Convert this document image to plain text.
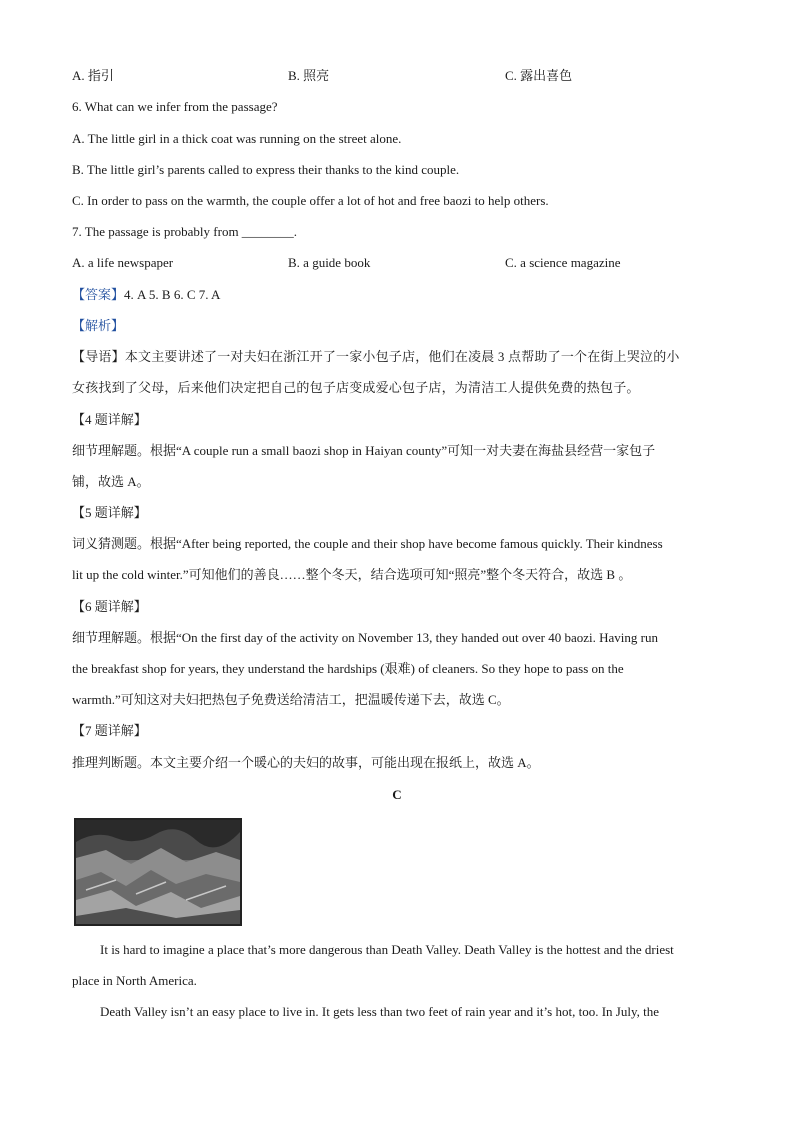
A. 指引	B. 照亮	C. 露出喜色
6. What can we infer from the passage?
A. The little girl in a thick coat was running on the street alone.
B. The little girl’s parents called to express their thanks to the kind couple.
C. In order to pass on the warmth, the couple offer a lot of hot and free baozi to help others.
7. The passage is probably from ________.
A. a life newspaper	B. a guide book	C. a science magazine
【答案】4. A 5. B 6. C 7. A
【解析】
【导语】本文主要讲述了一对夫妇在浙江开了一家小包子店，他们在凌晨 3 点帮助了一个在街上哭泣的小
女孩找到了父母，后来他们决定把自己的包子店变成爱心包子店，为清洁工人提供免费的热包子。
【4 题详解】
细节理解题。根据“A couple run a small baozi shop in Haiyan county”可知一对夫妻在海盐县经营一家包子
铺，故选 A。
【5 题详解】
词义猜测题。根据“After being reported, the couple and their shop have become famous quickly. Their kindness
lit up the cold winter.”可知他们的善良……整个冬天，结合选项可知“照亮”整个冬天符合，故选 B 。
【6 题详解】
细节理解题。根据“On the first day of the activity on November 13, they handed out over 40 baozi. Having run
the breakfast shop for years, they understand the hardships (艰难) of cleaners. So they hope to pass on the
warmth.”可知这对夫妇把热包子免费送给清洁工，把温暖传递下去，故选 C。
【7 题详解】
推理判断题。本文主要介绍一个暖心的夫妇的故事，可能出现在报纸上，故选 A。
C
It is hard to imagine a place that’s more dangerous than Death Valley. Death Valley is the hottest and the driest
place in North America.
Death Valley isn’t an easy place to live in. It gets less than two feet of rain year and it’s hot, too. In July, the
